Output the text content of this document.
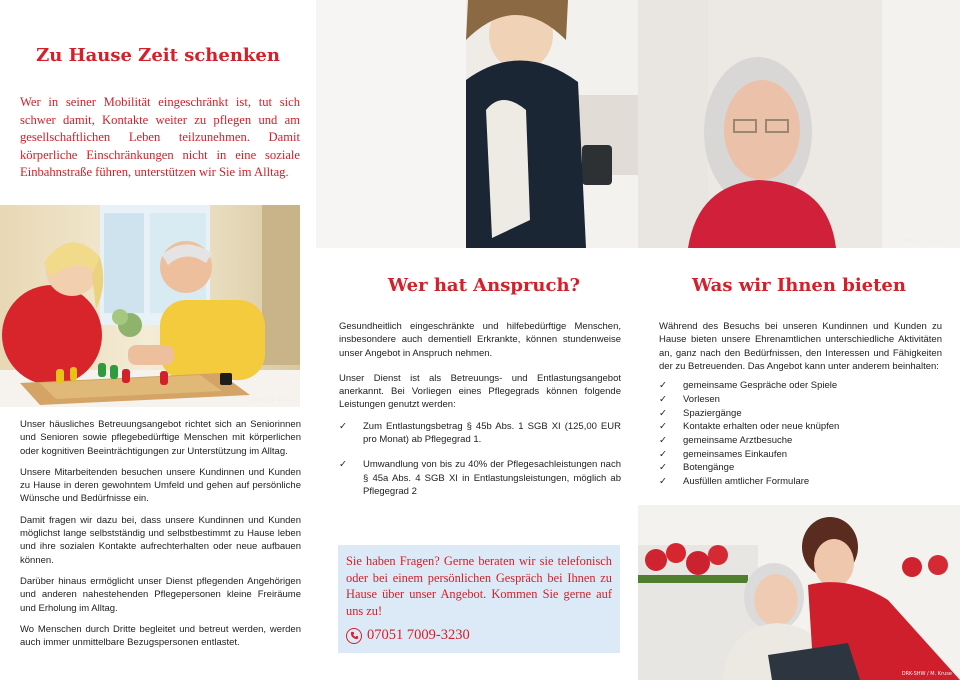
Zu Hause Zeit schenken
Wer in seiner Mobilität eingeschränkt ist, tut sich schwer damit, Kontakte weiter zu pflegen und am gesellschaftlichen Leben teilzunehmen. Damit körperliche Einschränkungen nicht in eine soziale Einbahnstraße führen, unterstützen wir Sie im Alltag.
DRK / M. Kruse

Unser häusliches Betreuungsangebot richtet sich an Seniorinnen und Senioren sowie pflegebedürftige Menschen mit körperlichen oder kognitiven Beeinträchtigungen zur Unterstützung im Alltag.

Unsere Mitarbeitenden besuchen unsere Kundinnen und Kunden zu Hause in deren gewohntem Umfeld und gehen auf persönliche Wünsche und Bedürfnisse ein.

Damit fragen wir dazu bei, dass unsere Kundinnen und Kunden möglichst lange selbstständig und selbstbestimmt zu Hause leben und ihre sozialen Kontakte aufrechterhalten oder neue aufbauen können.

Darüber hinaus ermöglicht unser Dienst pflegenden Angehörigen und anderen nahestehenden Pflegepersonen kleine Freiräume und Erholung im Alltag.

Wo Menschen durch Dritte begleitet und betreut werden, werden auch immer unmittelbare Bezugspersonen entlastet.

Wer hat Anspruch?

Gesundheitlich eingeschränkte und hilfebedürftige Menschen, insbesondere auch dementiell Erkrankte, können stundenweise unser Angebot in Anspruch nehmen.

Unser Dienst ist als Betreuungs- und Entlastungsangebot anerkannt. Bei Vorliegen eines Pflegegrads können folgende Leistungen genutzt werden:

✓ Zum Entlastungsbetrag § 45b Abs. 1 SGB XI (125,00 EUR pro Monat) ab Pflegegrad 1.
✓ Umwandlung von bis zu 40% der Pflegesachleistungen nach § 45a Abs. 4 SGB XI in Entlastungsleistungen, möglich ab Pflegegrad 2
Sie haben Fragen? Gerne beraten wir sie telefonisch oder bei einem persönlichen Gespräch bei Ihnen zu Hause über unser Angebot. Kommen Sie gerne auf uns zu!
07051 7009-3230
DRK / M. Kruse
Was wir Ihnen bieten

Während des Besuchs bei unseren Kundinnen und Kunden zu Hause bieten unsere Ehrenamtlichen unterschiedliche Aktivitäten an, ganz nach den Bedürfnissen, den Interessen und Fähigkeiten der zu Betreuenden. Das Angebot kann unter anderem beinhalten:

✓ gemeinsame Gespräche oder Spiele
✓ Vorlesen
✓ Spaziergänge
✓ Kontakte erhalten oder neue knüpfen
✓ gemeinsame Arztbesuche
✓ gemeinsames Einkaufen
✓ Botengänge
✓ Ausfüllen amtlicher Formulare
DRK-SHW / M. Kruse
